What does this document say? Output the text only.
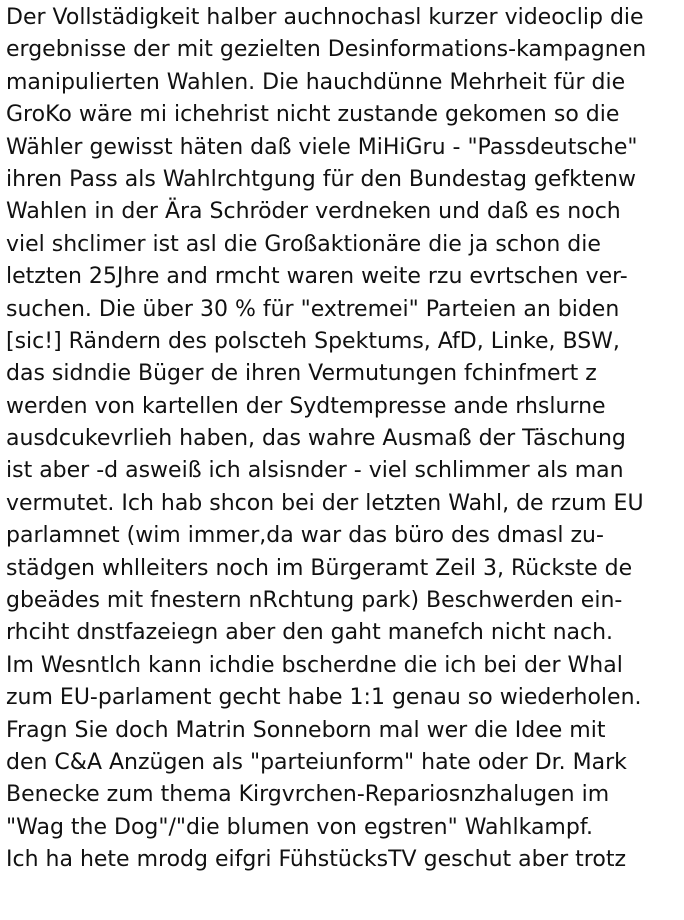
Der Vollstädigkeit halber auchnochasl kurzer videoclip die
ergebnisse der mit gezielten Desinformations-kampagnen
manipulierten Wahlen. Die hauchdünne Mehrheit für die
GroKo wäre mi ichehrist nicht zustande gekomen so die
Wähler gewisst häten daß viele MiHiGru - "Passdeutsche"
ihren Pass als Wahlrchtgung für den Bundestag gefktenw
Wahlen in der Ära Schröder verdneken und daß es noch
viel shclimer ist asl die Großaktionäre die ja schon die
letzten 25Jhre and rmcht waren weite rzu evrtschen ver-
suchen. Die über 30 % für "extremei" Parteien an biden
[sic!] Rändern des polscteh Spektums, AfD, Linke, BSW,
das sidndie Büger de ihren Vermutungen fchinfmert z
werden von kartellen der Sydtempresse ande rhslurne
ausdcukevrlieh haben, das wahre Ausmaß der Täschung
ist aber -d asweiß ich alsisnder - viel schlimmer als man
vermutet. Ich hab shcon bei der letzten Wahl, de rzum EU
parlamnet (wim immer,da war das büro des dmasl zu-
städgen whlleiters noch im Bürgeramt Zeil 3, Rückste de
gbeädes mit fnestern nRchtung park) Beschwerden ein-
rhciht dnstfazeiegn aber den gaht manefch nicht nach.
Im Wesntlch kann ichdie bscherdne die ich bei der Whal
zum EU-parlament gecht habe 1:1 genau so wiederholen.
Fragn Sie doch Matrin Sonneborn mal wer die Idee mit
den C&A Anzügen als "parteiunform" hate oder Dr. Mark
Benecke zum thema Kirgvrchen-Repariosnzhalugen im
"Wag the Dog"/"die blumen von egstren" Wahlkampf.
Ich ha hete mrodg eifgri FühstücksTV geschut aber trotz
